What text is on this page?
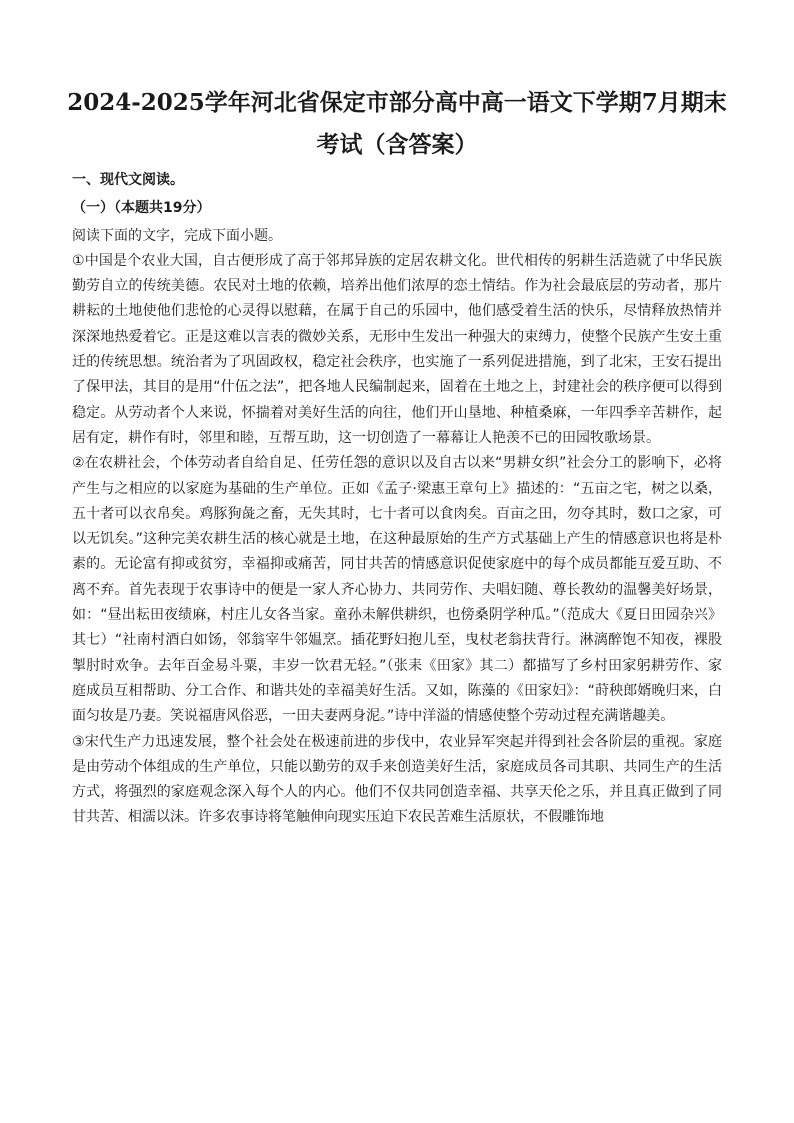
2024-2025学年河北省保定市部分高中高一语文下学期7月期末考试（含答案）

一、现代文阅读。

（一）（本题共19分）

阅读下面的文字，完成下面小题。

①中国是个农业大国，自古便形成了高于邻邦异族的定居农耕文化。世代相传的躬耕生活造就了中华民族勤劳自立的传统美德。农民对土地的依赖，培养出他们浓厚的恋土情结。作为社会最底层的劳动者，那片耕耘的土地使他们悲怆的心灵得以慰藉，在属于自己的乐园中，他们感受着生活的快乐，尽情释放热情并深深地热爱着它。正是这难以言表的微妙关系，无形中生发出一种强大的束缚力，使整个民族产生安土重迁的传统思想。统治者为了巩固政权，稳定社会秩序，也实施了一系列促进措施，到了北宋，王安石提出了保甲法，其目的是用“什伍之法”，把各地人民编制起来，固着在土地之上，封建社会的秩序便可以得到稳定。从劳动者个人来说，怀揣着对美好生活的向往，他们开山垦地、种植桑麻，一年四季辛苦耕作，起居有定，耕作有时，邻里和睦，互帮互助，这一切创造了一幕幕让人艳羡不已的田园牧歌场景。

②在农耕社会，个体劳动者自给自足、任劳任怨的意识以及自古以来“男耕女织”社会分工的影响下，必将产生与之相应的以家庭为基础的生产单位。正如《孟子·梁惠王章句上》描述的：“五亩之宅，树之以桑，五十者可以衣帛矣。鸡豚狗彘之畜，无失其时，七十者可以食肉矣。百亩之田，勿夺其时，数口之家，可以无饥矣。”这种完美农耕生活的核心就是土地，在这种最原始的生产方式基础上产生的情感意识也将是朴素的。无论富有抑或贫穷，幸福抑或痛苦，同甘共苦的情感意识促使家庭中的每个成员都能互爱互助、不离不弃。首先表现于农事诗中的便是一家人齐心协力、共同劳作、夫唱妇随、尊长教幼的温馨美好场景，如：“昼出耘田夜绩麻，村庄儿女各当家。童孙未解供耕织，也傍桑阴学种瓜。”（范成大《夏日田园杂兴》其七）“社南村酒白如饧，邻翁宰牛邻媪烹。插花野妇抱儿至，曳杖老翁扶背行。淋漓醉饱不知夜，裸股掣肘时欢争。去年百金易斗粟，丰岁一饮君无轻。”（张耒《田家》其二）都描写了乡村田家躬耕劳作、家庭成员互相帮助、分工合作、和谐共处的幸福美好生活。又如，陈藻的《田家妇》：“莳秧郎婿晚归来，白面匀妆是乃妻。笑说福唐风俗恶，一田夫妻两身泥。”诗中洋溢的情感使整个劳动过程充满谐趣美。

③宋代生产力迅速发展，整个社会处在极速前进的步伐中，农业异军突起并得到社会各阶层的重视。家庭是由劳动个体组成的生产单位，只能以勤劳的双手来创造美好生活，家庭成员各司其职、共同生产的生活方式，将强烈的家庭观念深入每个人的内心。他们不仅共同创造幸福、共享天伦之乐，并且真正做到了同甘共苦、相濡以沫。许多农事诗将笔触伸向现实压迫下农民苦难生活原状，不假雕饰地
